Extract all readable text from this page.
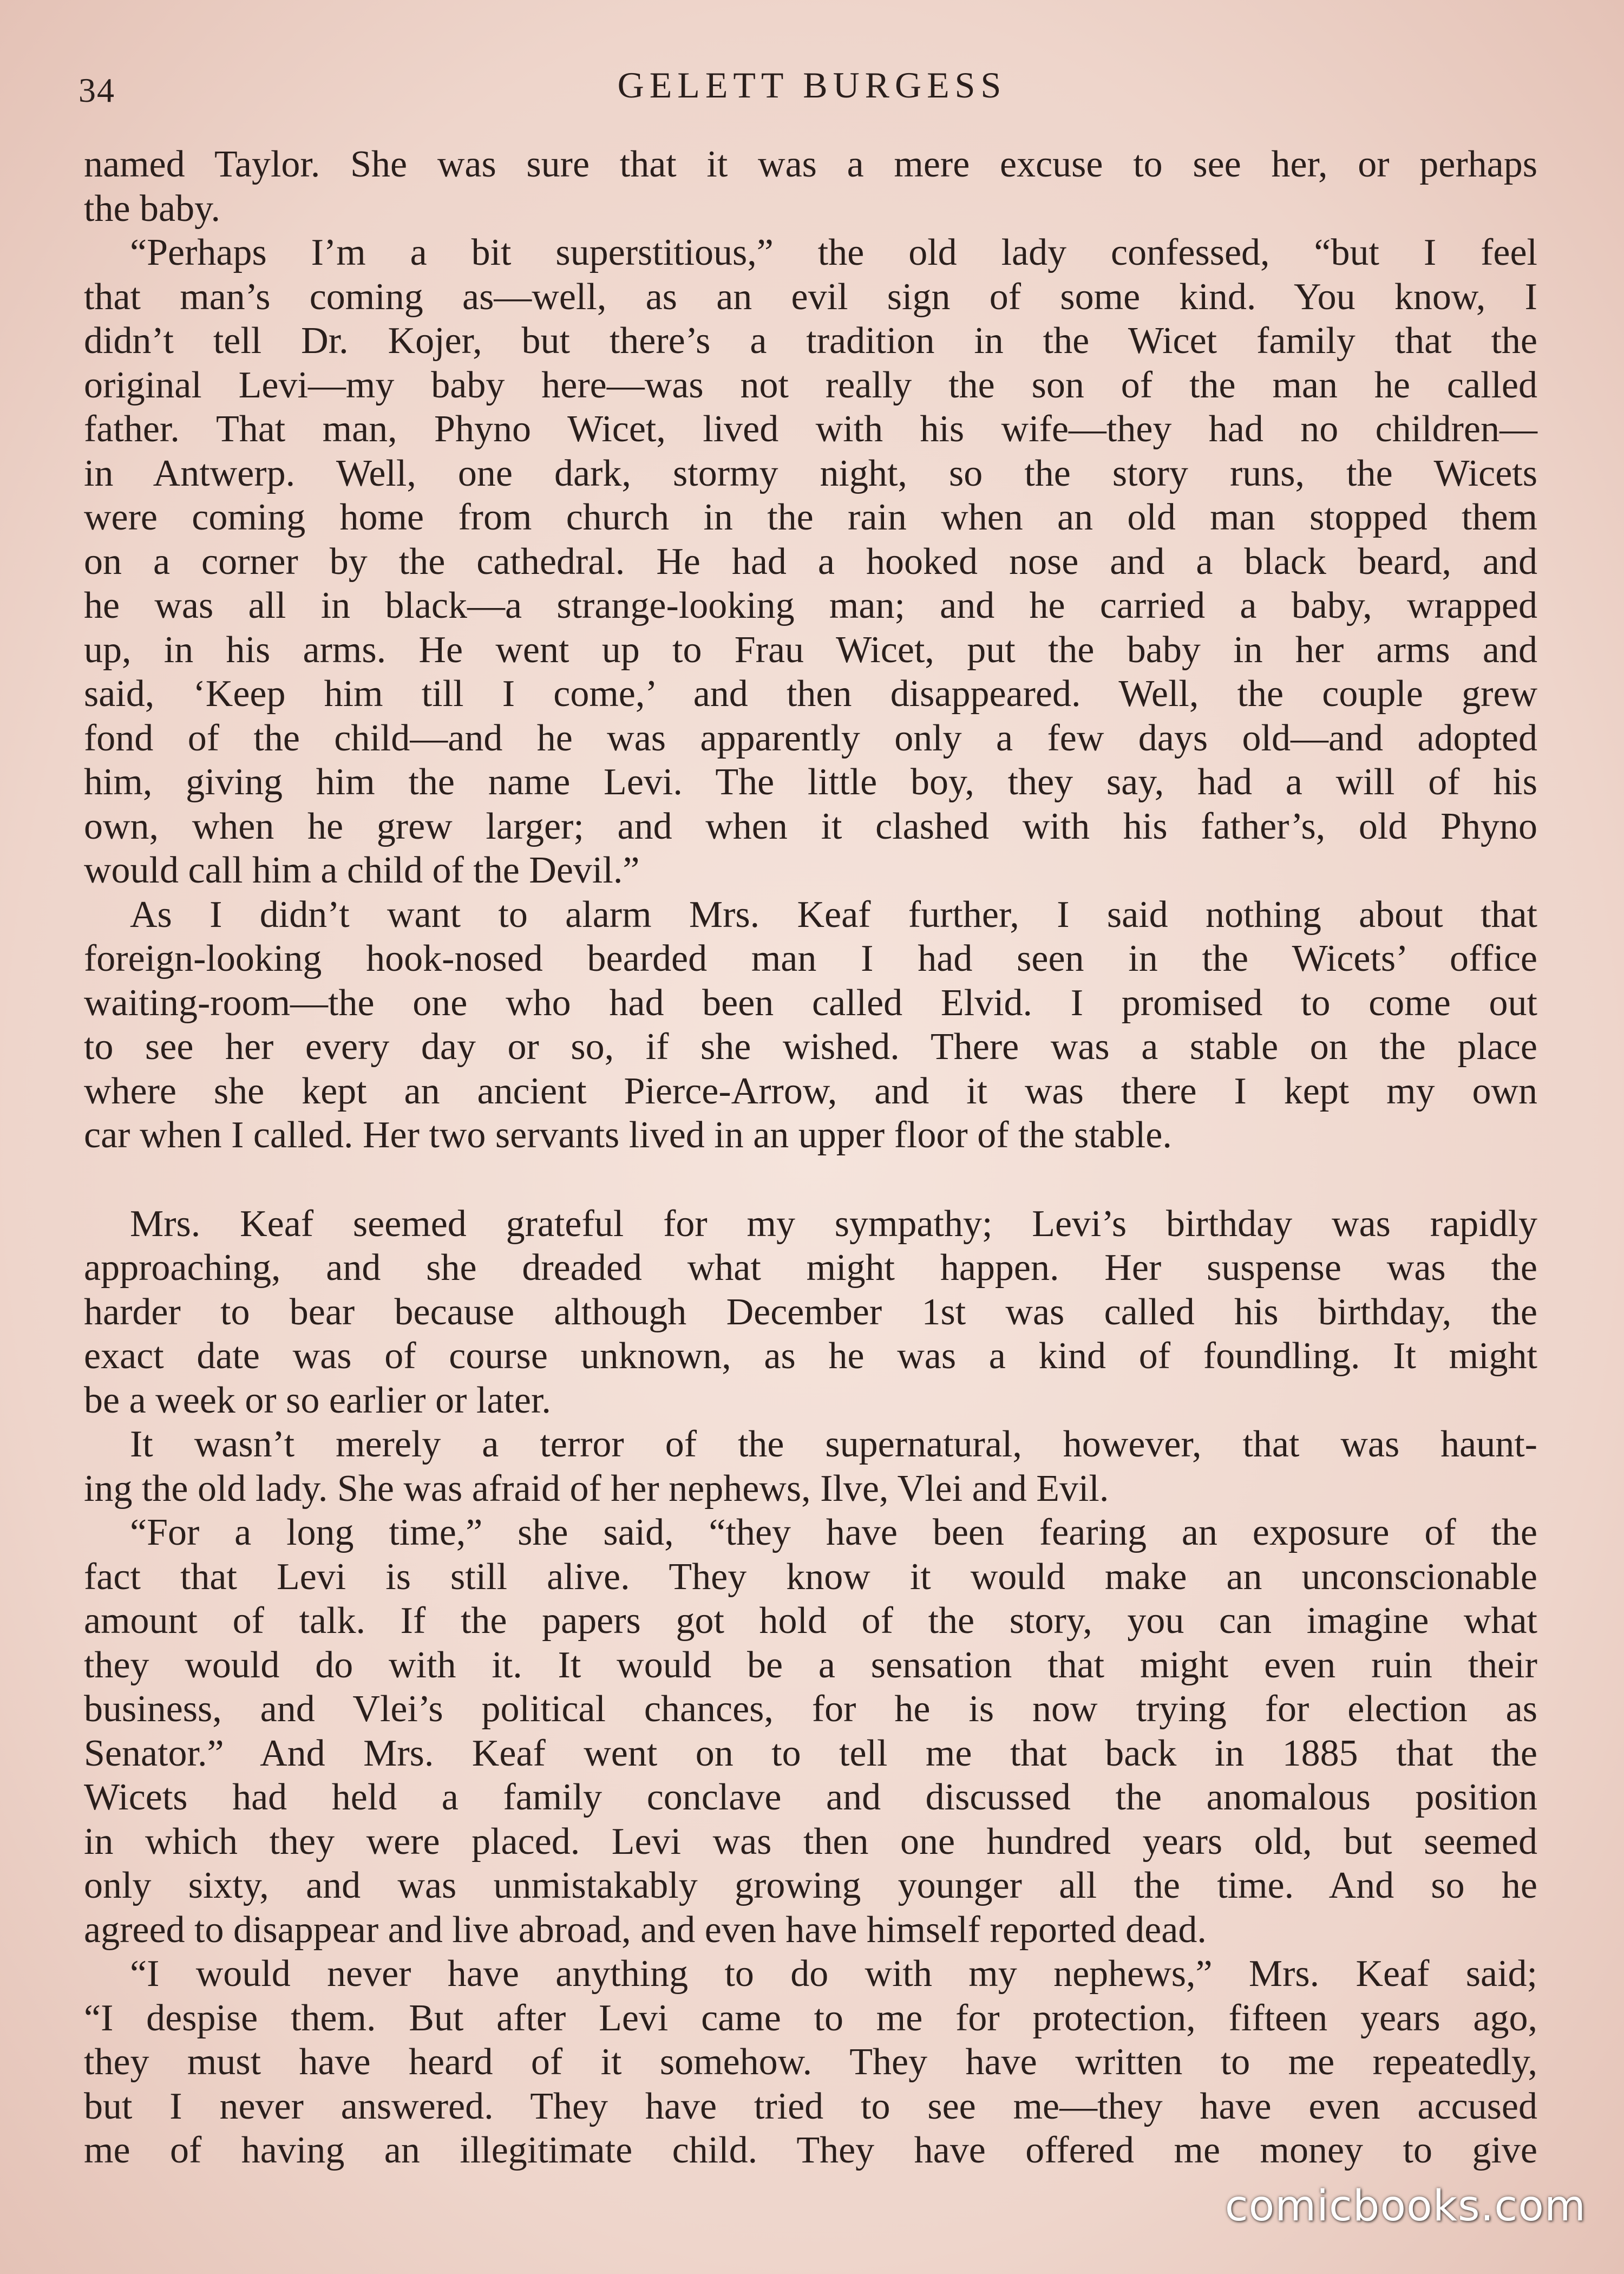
34	GELETT BURGESS
named Taylor. She was sure that it was a mere excuse to see her, or perhaps
the baby.
“Perhaps I’m a bit superstitious,” the old lady confessed, “but I feel
that man’s coming as—well, as an evil sign of some kind. You know, I
didn’t tell Dr. Kojer, but there’s a tradition in the Wicet family that the
original Levi—my baby here—was not really the son of the man he called
father. That man, Phyno Wicet, lived with his wife—they had no children—
in Antwerp. Well, one dark, stormy night, so the story runs, the Wicets
were coming home from church in the rain when an old man stopped them
on a corner by the cathedral. He had a hooked nose and a black beard, and
he was all in black—a strange-looking man; and he carried a baby, wrapped
up, in his arms. He went up to Frau Wicet, put the baby in her arms and
said, ‘Keep him till I come,’ and then disappeared. Well, the couple grew
fond of the child—and he was apparently only a few days old—and adopted
him, giving him the name Levi. The little boy, they say, had a will of his
own, when he grew larger; and when it clashed with his father’s, old Phyno
would call him a child of the Devil.”
As I didn’t want to alarm Mrs. Keaf further, I said nothing about that
foreign-looking hook-nosed bearded man I had seen in the Wicets’ office
waiting-room—the one who had been called Elvid. I promised to come out
to see her every day or so, if she wished. There was a stable on the place
where she kept an ancient Pierce-Arrow, and it was there I kept my own
car when I called. Her two servants lived in an upper floor of the stable.
Mrs. Keaf seemed grateful for my sympathy; Levi’s birthday was rapidly
approaching, and she dreaded what might happen. Her suspense was the
harder to bear because although December 1st was called his birthday, the
exact date was of course unknown, as he was a kind of foundling. It might
be a week or so earlier or later.
It wasn’t merely a terror of the supernatural, however, that was haunt-
ing the old lady. She was afraid of her nephews, Ilve, Vlei and Evil.
“For a long time,” she said, “they have been fearing an exposure of the
fact that Levi is still alive. They know it would make an unconscionable
amount of talk. If the papers got hold of the story, you can imagine what
they would do with it. It would be a sensation that might even ruin their
business, and Vlei’s political chances, for he is now trying for election as
Senator.” And Mrs. Keaf went on to tell me that back in 1885 that the
Wicets had held a family conclave and discussed the anomalous position
in which they were placed. Levi was then one hundred years old, but seemed
only sixty, and was unmistakably growing younger all the time. And so he
agreed to disappear and live abroad, and even have himself reported dead.
“I would never have anything to do with my nephews,” Mrs. Keaf said;
“I despise them. But after Levi came to me for protection, fifteen years ago,
they must have heard of it somehow. They have written to me repeatedly,
but I never answered. They have tried to see me—they have even accused
me of having an illegitimate child. They have offered me money to give
comicbooks.com
